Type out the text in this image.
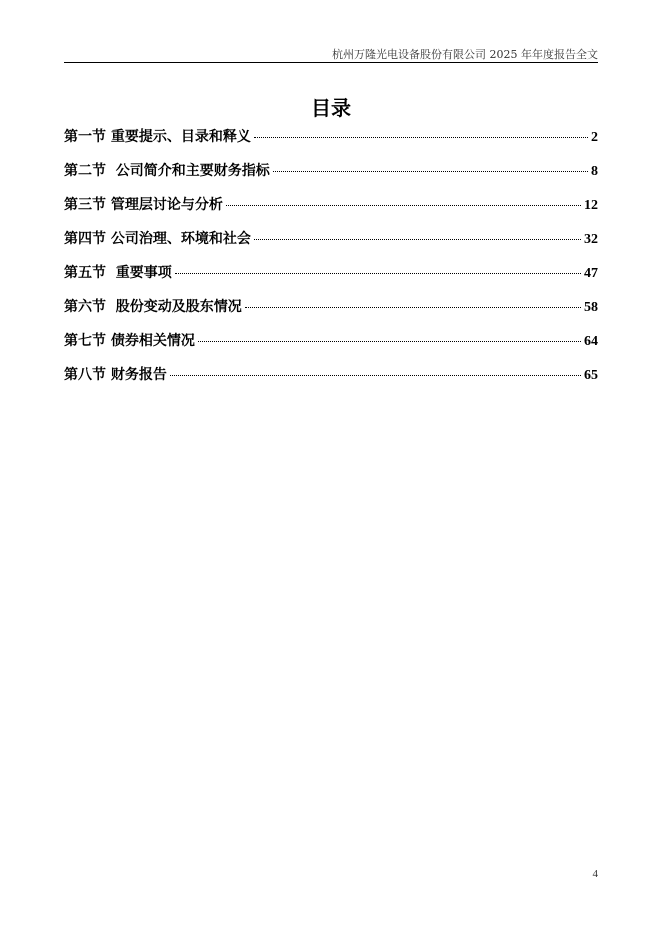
杭州万隆光电设备股份有限公司 2025 年年度报告全文
目录
第一节 重要提示、目录和释义	2
第二节  公司简介和主要财务指标	8
第三节 管理层讨论与分析	12
第四节 公司治理、环境和社会	32
第五节  重要事项	47
第六节  股份变动及股东情况	58
第七节 债券相关情况	64
第八节 财务报告	65
4
